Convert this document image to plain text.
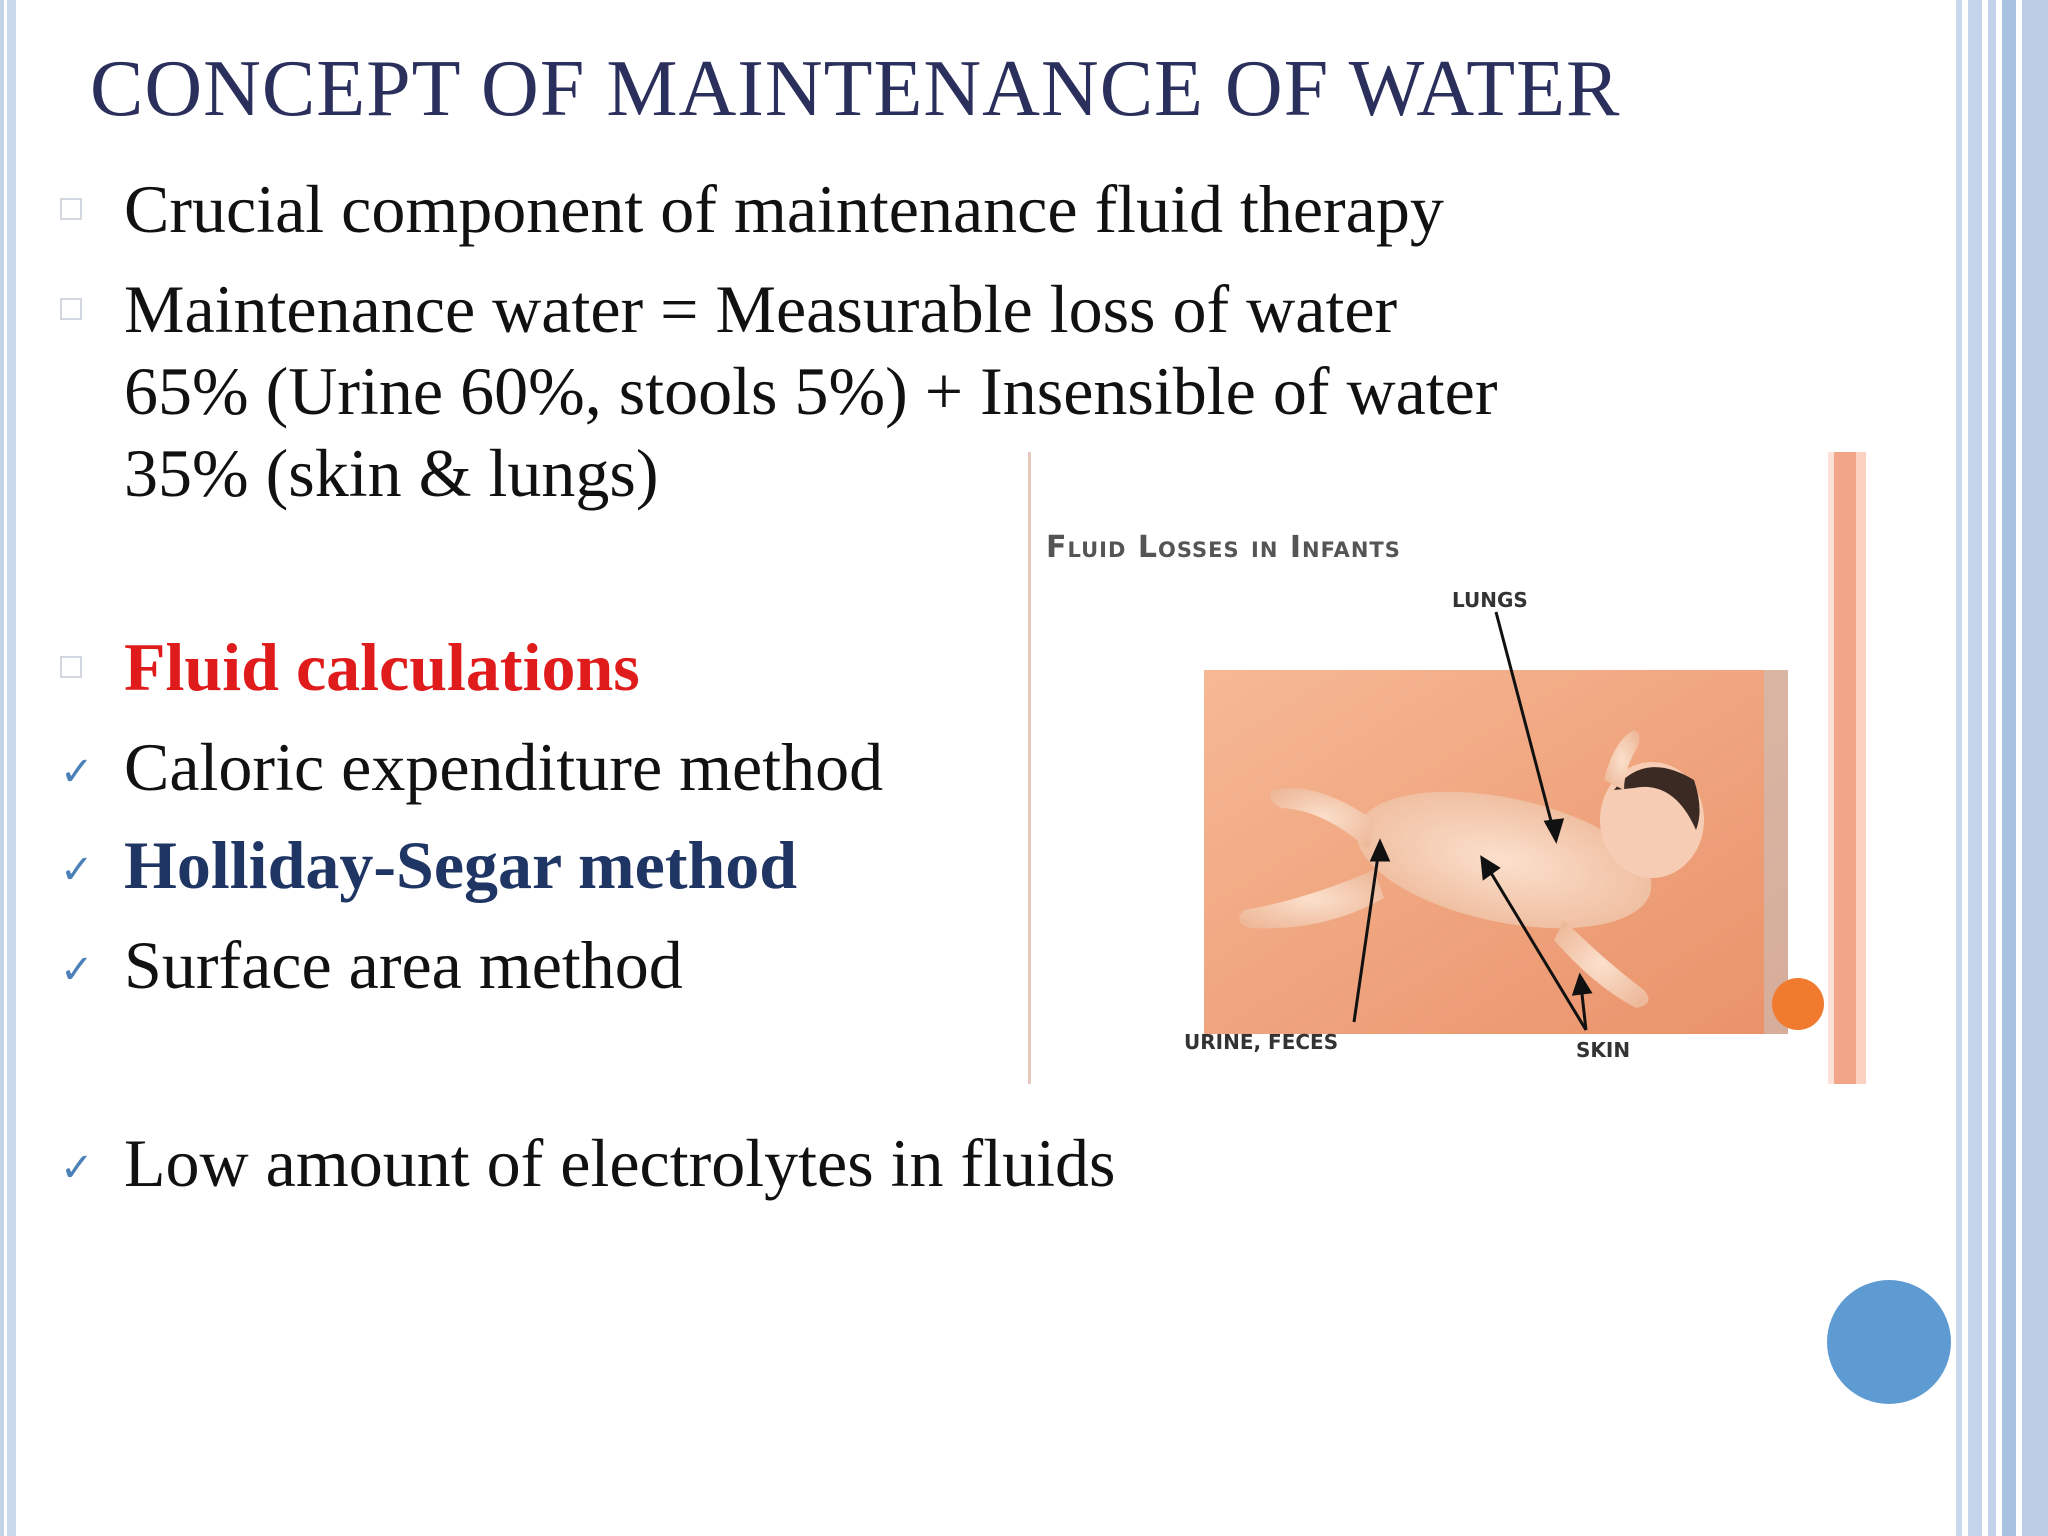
CONCEPT OF MAINTENANCE OF WATER
Crucial component of maintenance fluid therapy
Maintenance water = Measurable loss of water
65% (Urine 60%, stools 5%) + Insensible of water
35% (skin & lungs)
Fluid calculations
✓ Caloric expenditure method
✓ Holliday-Segar method
✓ Surface area method
✓ Low amount of electrolytes in fluids
Fluid Losses in Infants
LUNGS
URINE, FECES	SKIN
